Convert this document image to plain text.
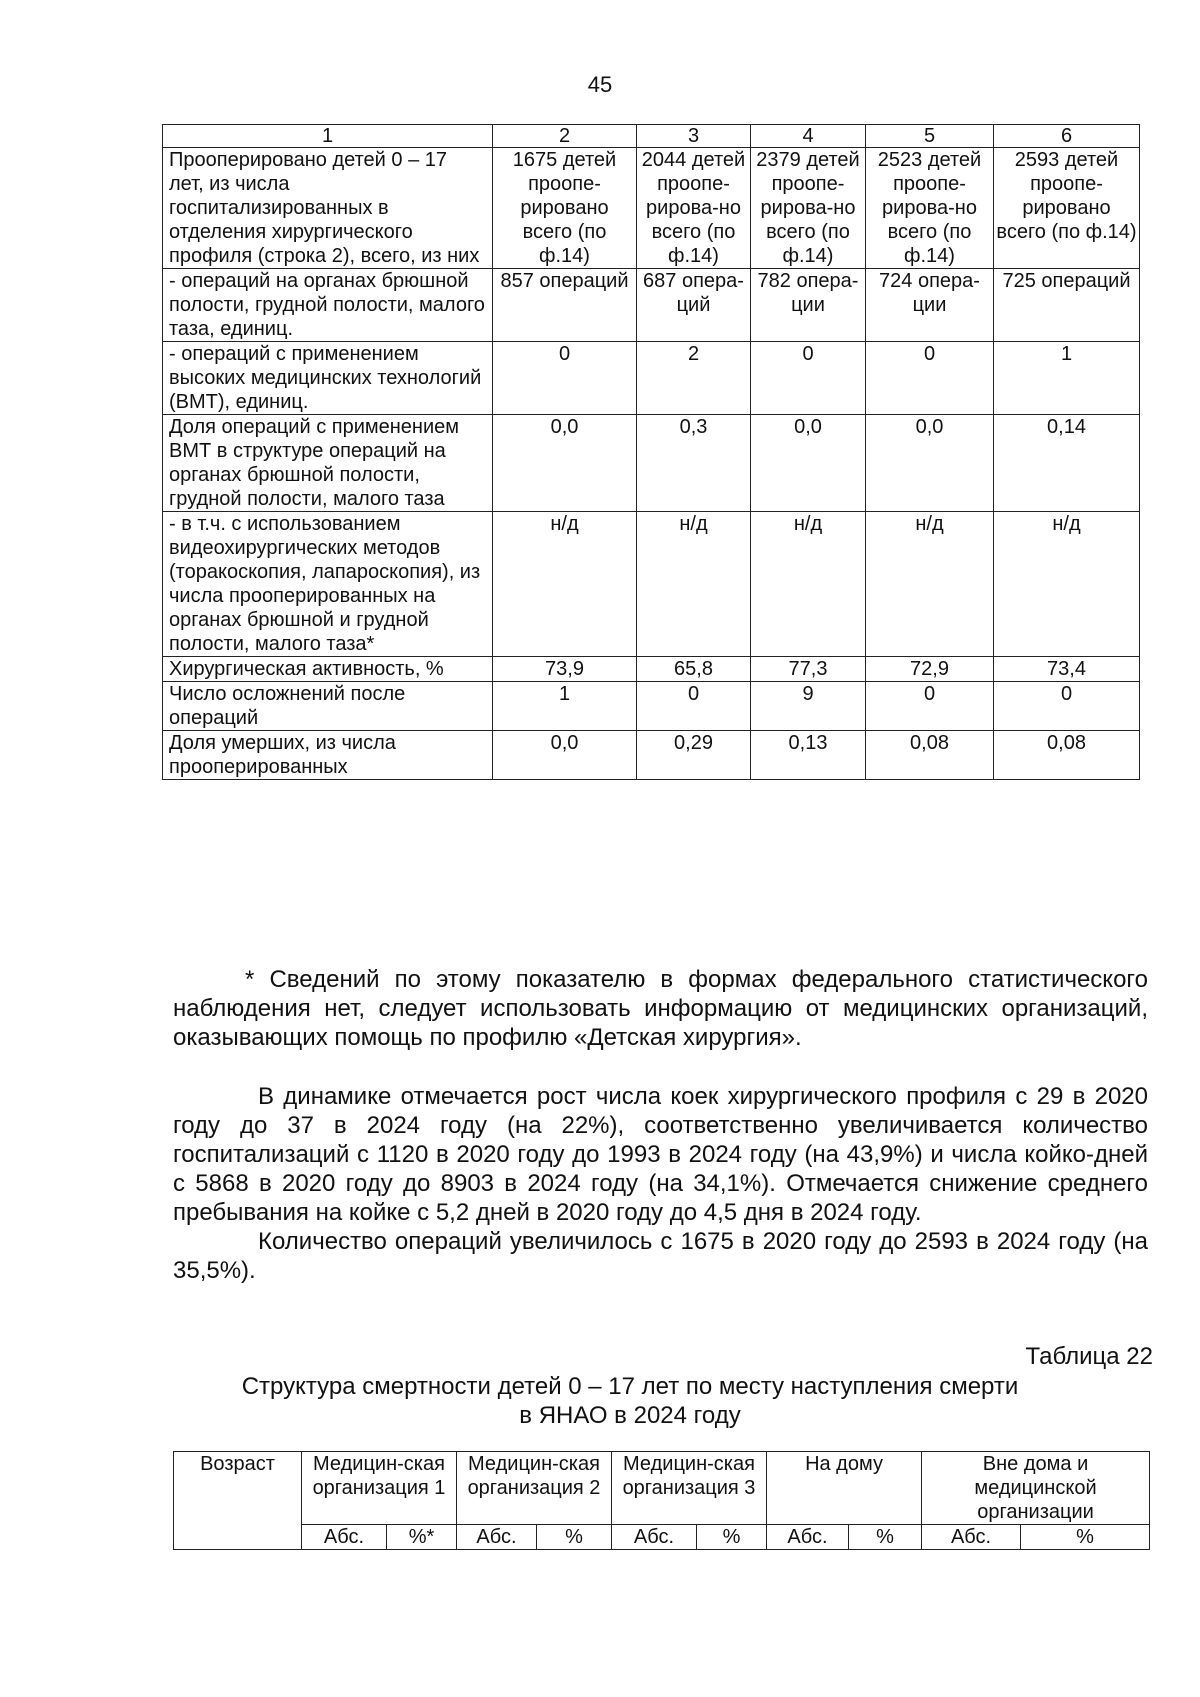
45
1	2	3	4	5	6
Прооперировано детей 0 – 17 лет, из числа госпитализированных в отделения хирургического профиля (строка 2), всего, из них	1675 детей проопе-рировано всего (по ф.14)	2044 детей проопе-рирова-но всего (по ф.14)	2379 детей проопе-рирова-но всего (по ф.14)	2523 детей проопе-рирова-но всего (по ф.14)	2593 детей проопе-рировано всего (по ф.14)
- операций на органах брюшной полости, грудной полости, малого таза, единиц.	857 операций	687 опера-ций	782 опера-ции	724 опера-ции	725 операций
- операций с применением высоких медицинских технологий (ВМТ), единиц.	0	2	0	0	1
Доля операций с применением ВМТ в структуре операций на органах брюшной полости, грудной полости, малого таза	0,0	0,3	0,0	0,0	0,14
- в т.ч. с использованием видеохирургических методов (торакоскопия, лапароскопия), из числа прооперированных на органах брюшной и грудной полости, малого таза*	н/д	н/д	н/д	н/д	н/д
Хирургическая активность, %	73,9	65,8	77,3	72,9	73,4
Число осложнений после операций	1	0	9	0	0
Доля умерших, из числа прооперированных	0,0	0,29	0,13	0,08	0,08

* Сведений по этому показателю в формах федерального статистического наблюдения нет, следует использовать информацию от медицинских организаций, оказывающих помощь по профилю «Детская хирургия».

В динамике отмечается рост числа коек хирургического профиля с 29 в 2020 году до 37 в 2024 году (на 22%), соответственно увеличивается количество госпитализаций с 1120 в 2020 году до 1993 в 2024 году (на 43,9%) и числа койко-дней с 5868 в 2020 году до 8903 в 2024 году (на 34,1%). Отмечается снижение среднего пребывания на койке с 5,2 дней в 2020 году до 4,5 дня в 2024 году.

Количество операций увеличилось с 1675 в 2020 году до 2593 в 2024 году (на 35,5%).

Таблица 22
Структура смертности детей 0 – 17 лет по месту наступления смерти
в ЯНАО в 2024 году
Возраст	Медицин-ская организация 1		Медицин-ская организация 2		Медицин-ская организация 3		На дому		Вне дома и медицинской организации	
	Абс.	%*	Абс.	%	Абс.	%	Абс.	%	Абс.	%
